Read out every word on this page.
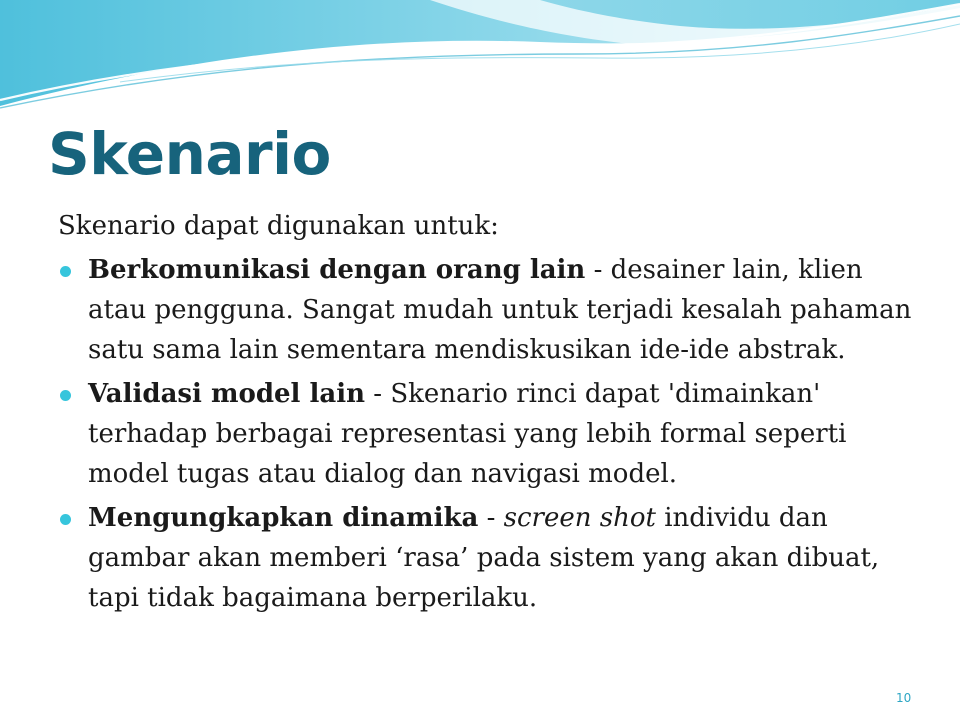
Skenario

Skenario dapat digunakan untuk:

Berkomunikasi dengan orang lain - desainer lain, klien atau pengguna. Sangat mudah untuk terjadi kesalah pahaman satu sama lain sementara mendiskusikan ide-ide abstrak.
Validasi model lain - Skenario rinci dapat 'dimainkan' terhadap berbagai representasi yang lebih formal seperti model tugas atau dialog dan navigasi model.
Mengungkapkan dinamika - screen shot individu dan gambar akan memberi ‘rasa’ pada sistem yang akan dibuat, tapi tidak bagaimana berperilaku.
10
